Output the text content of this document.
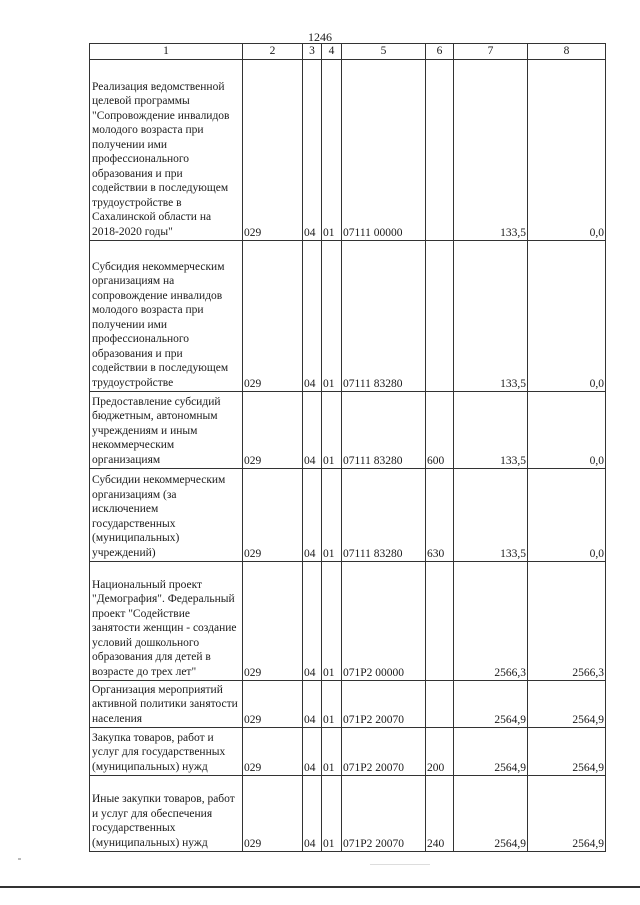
1246
1	2	3	4	5	6	7	8
Реализация ведомственной целевой программы "Сопровождение инвалидов молодого возраста при получении ими профессионального образования и при содействии в последующем трудоустройстве в Сахалинской области на 2018-2020 годы"	029	04	01	07111 00000		133,5	0,0
Субсидия некоммерческим организациям на сопровождение инвалидов молодого возраста при получении ими профессионального образования и при содействии в последующем трудоустройстве	029	04	01	07111 83280		133,5	0,0
Предоставление субсидий бюджетным, автономным учреждениям и иным некоммерческим организациям	029	04	01	07111 83280	600	133,5	0,0
Субсидии некоммерческим организациям (за исключением государственных (муниципальных) учреждений)	029	04	01	07111 83280	630	133,5	0,0
Национальный проект "Демография". Федеральный проект "Содействие занятости женщин - создание условий дошкольного образования для детей в возрасте до трех лет"	029	04	01	071P2 00000		2566,3	2566,3
Организация мероприятий активной политики занятости населения	029	04	01	071P2 20070		2564,9	2564,9
Закупка товаров, работ и услуг для государственных (муниципальных) нужд	029	04	01	071P2 20070	200	2564,9	2564,9
Иные закупки товаров, работ и услуг для обеспечения государственных (муниципальных) нужд	029	04	01	071P2 20070	240	2564,9	2564,9
